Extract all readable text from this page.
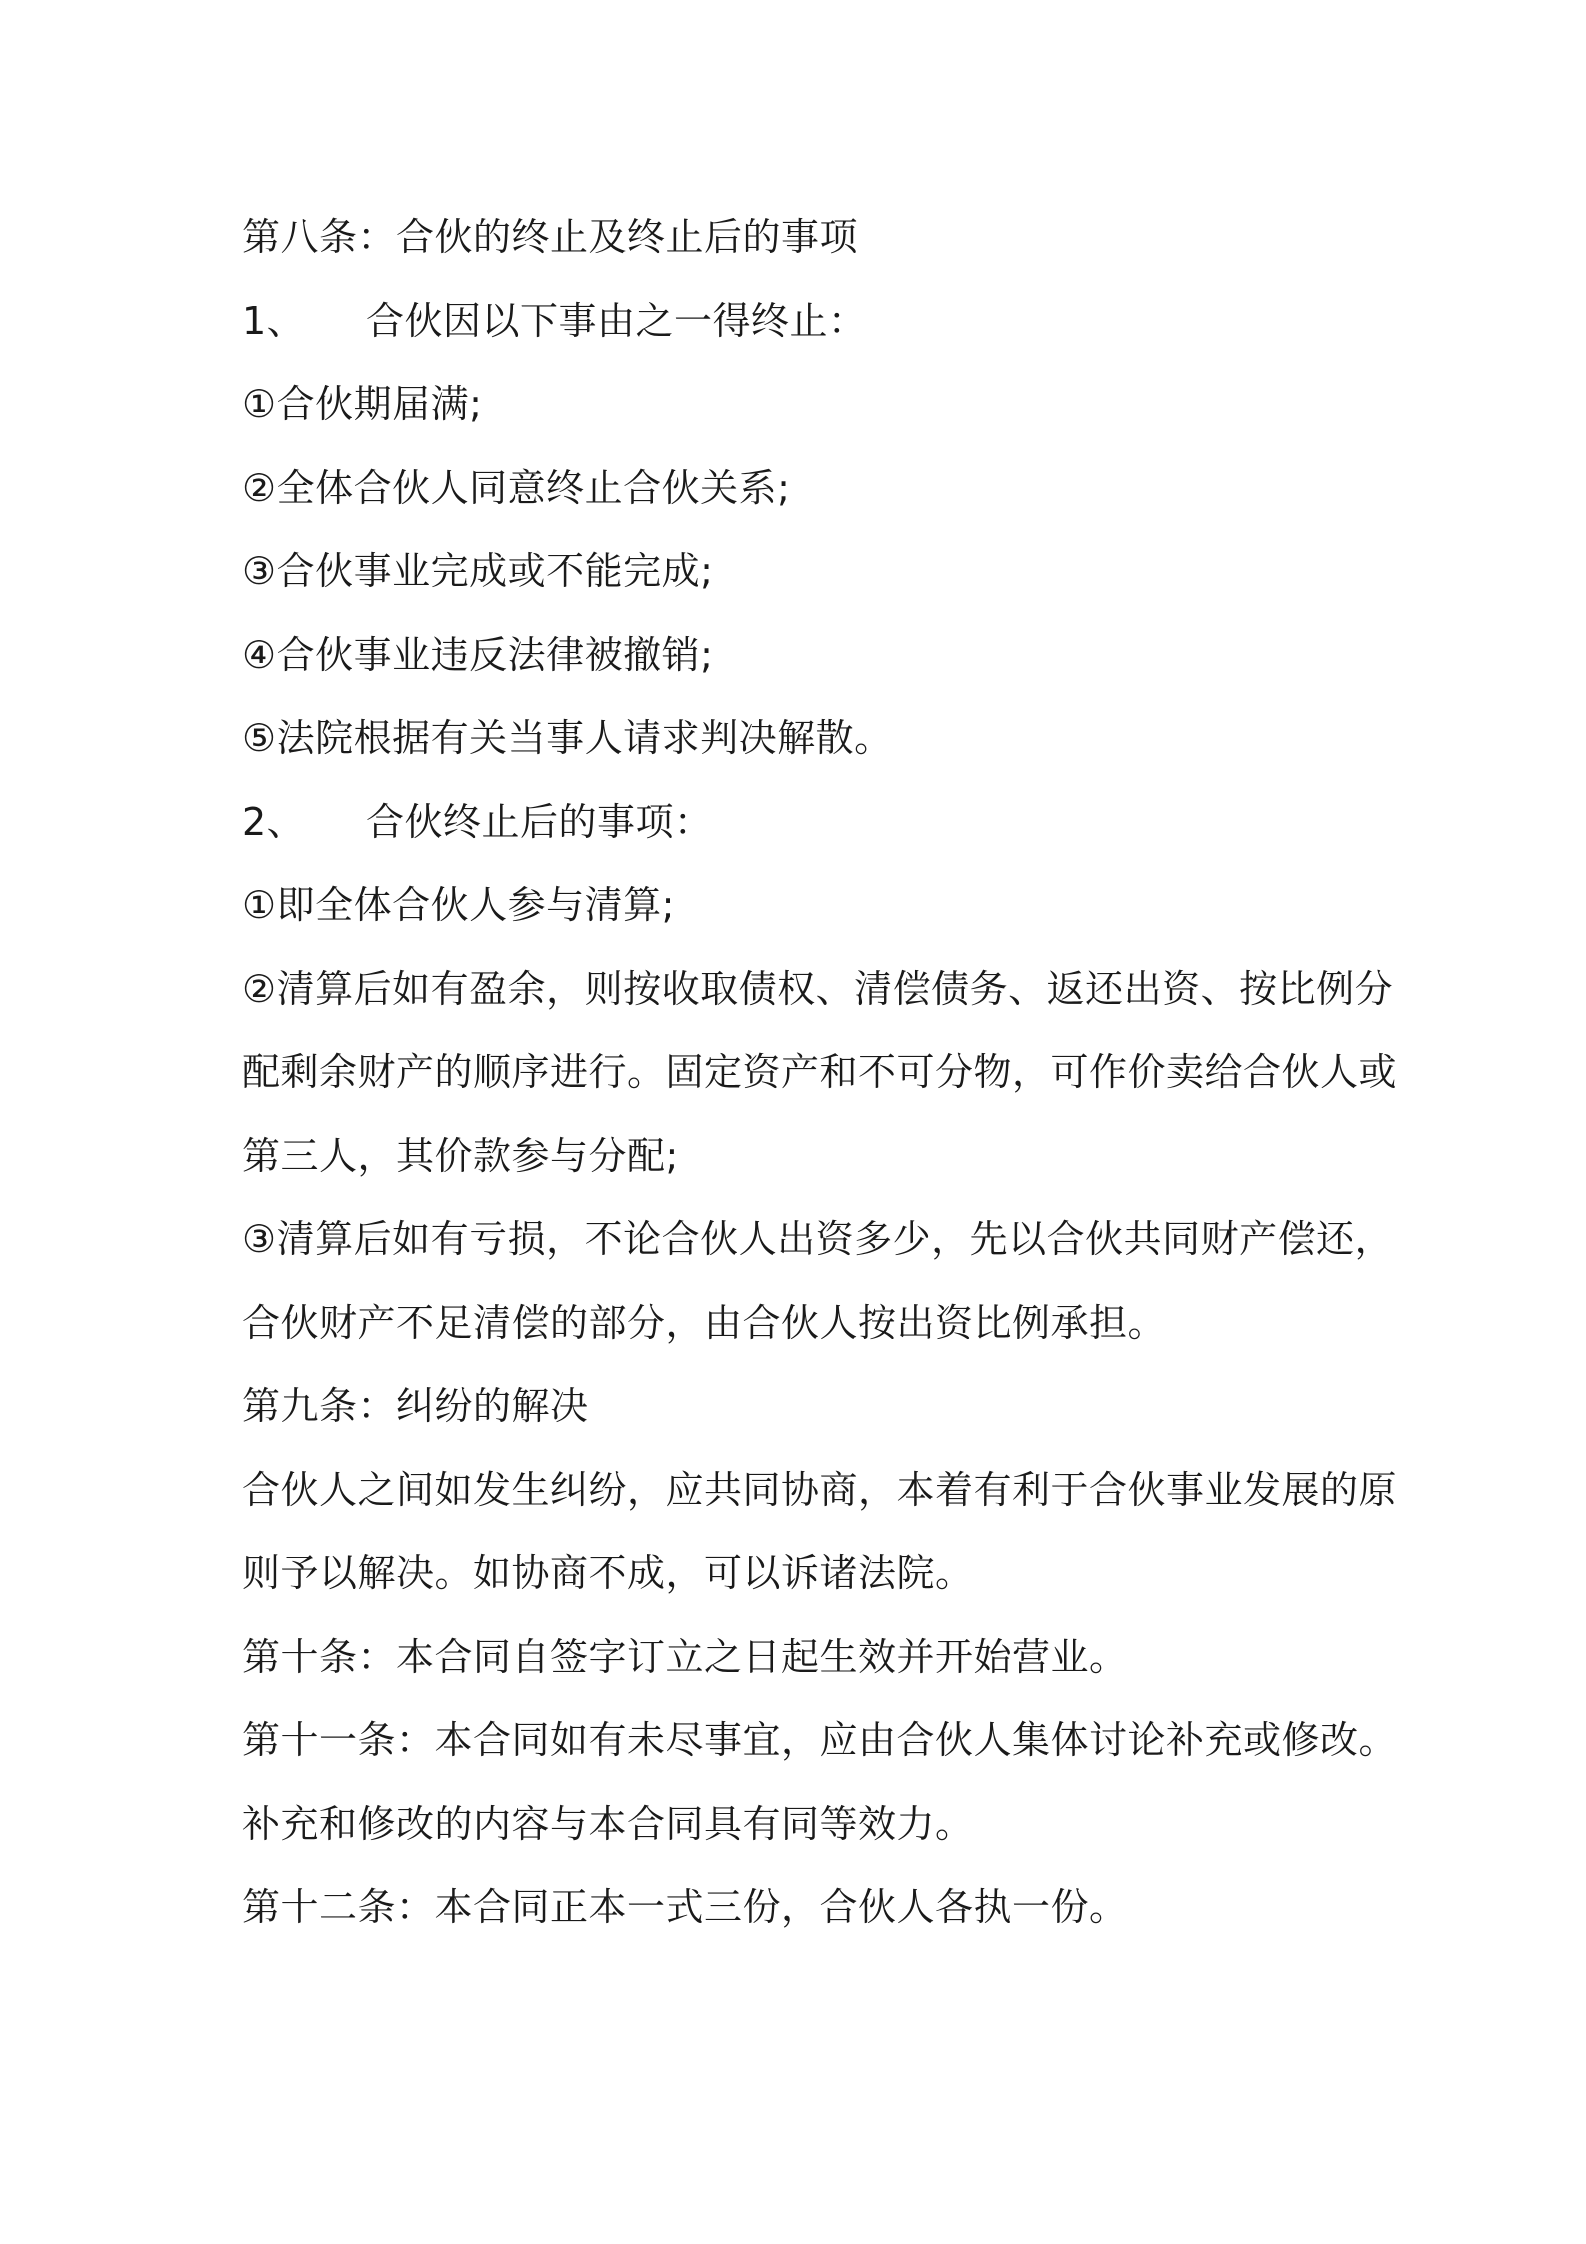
第八条：合伙的终止及终止后的事项
1、 合伙因以下事由之一得终止：
①合伙期届满;
②全体合伙人同意终止合伙关系;
③合伙事业完成或不能完成;
④合伙事业违反法律被撤销;
⑤法院根据有关当事人请求判决解散。
2、 合伙终止后的事项：
①即全体合伙人参与清算;
②清算后如有盈余，则按收取债权、清偿债务、返还出资、按比例分
配剩余财产的顺序进行。固定资产和不可分物，可作价卖给合伙人或
第三人，其价款参与分配;
③清算后如有亏损，不论合伙人出资多少，先以合伙共同财产偿还，
合伙财产不足清偿的部分，由合伙人按出资比例承担。
第九条：纠纷的解决
合伙人之间如发生纠纷，应共同协商，本着有利于合伙事业发展的原
则予以解决。如协商不成，可以诉诸法院。
第十条：本合同自签字订立之日起生效并开始营业。
第十一条：本合同如有未尽事宜，应由合伙人集体讨论补充或修改。
补充和修改的内容与本合同具有同等效力。
第十二条：本合同正本一式三份，合伙人各执一份。
